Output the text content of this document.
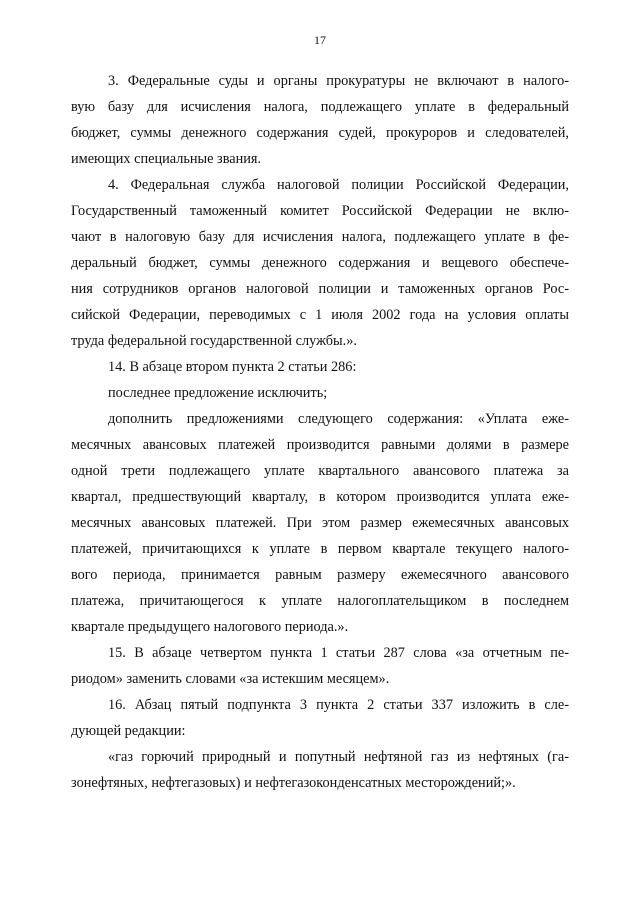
17
3. Федеральные суды и органы прокуратуры не включают в налого-
вую базу для исчисления налога, подлежащего уплате в федеральный
бюджет, суммы денежного содержания судей, прокуроров и следователей,
имеющих специальные звания.
4. Федеральная служба налоговой полиции Российской Федерации,
Государственный таможенный комитет Российской Федерации не вклю-
чают в налоговую базу для исчисления налога, подлежащего уплате в фе-
деральный бюджет, суммы денежного содержания и вещевого обеспече-
ния сотрудников органов налоговой полиции и таможенных органов Рос-
сийской Федерации, переводимых с 1 июля 2002 года на условия оплаты
труда федеральной государственной службы.».
14. В абзаце втором пункта 2 статьи 286:
последнее предложение исключить;
дополнить предложениями следующего содержания: «Уплата еже-
месячных авансовых платежей производится равными долями в размере
одной трети подлежащего уплате квартального авансового платежа за
квартал, предшествующий кварталу, в котором производится уплата еже-
месячных авансовых платежей. При этом размер ежемесячных авансовых
платежей, причитающихся к уплате в первом квартале текущего налого-
вого периода, принимается равным размеру ежемесячного авансового
платежа, причитающегося к уплате налогоплательщиком в последнем
квартале предыдущего налогового периода.».
15. В абзаце четвертом пункта 1 статьи 287 слова «за отчетным пе-
риодом» заменить словами «за истекшим месяцем».
16. Абзац пятый подпункта 3 пункта 2 статьи 337 изложить в сле-
дующей редакции:
«газ горючий природный и попутный нефтяной газ из нефтяных (га-
зонефтяных, нефтегазовых) и нефтегазоконденсатных месторождений;».
